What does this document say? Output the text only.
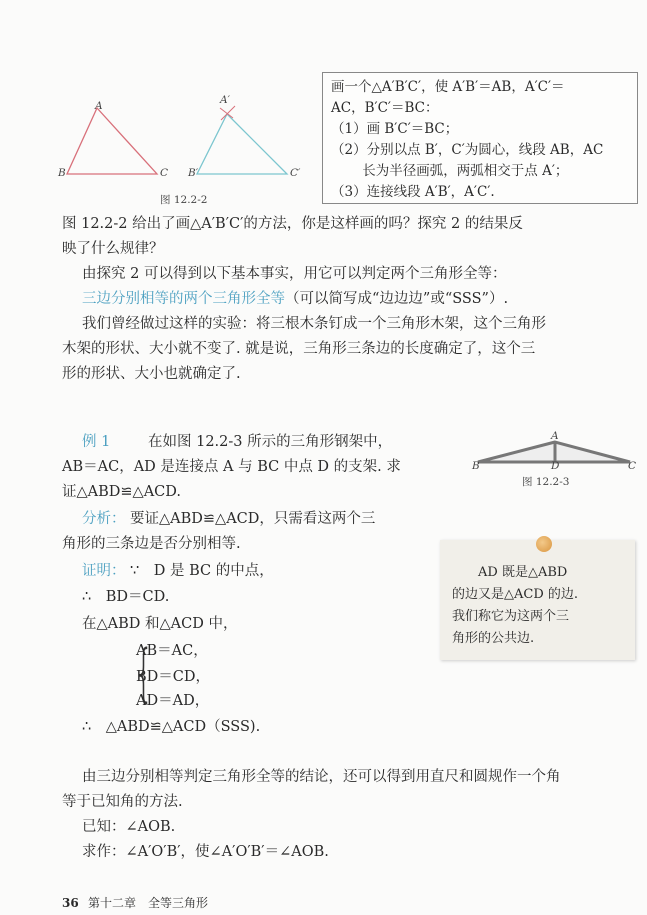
A
B	C
A′
B′	C′
图 12.2-2
画一个△A′B′C′，使 A′B′＝AB，A′C′＝
AC，B′C′＝BC：
（1）画 B′C′＝BC；
（2）分别以点 B′，C′为圆心，线段 AB，AC
　　 长为半径画弧，两弧相交于点 A′；
（3）连接线段 A′B′，A′C′.
图 12.2-2 给出了画△A′B′C′的方法，你是这样画的吗？探究 2 的结果反
映了什么规律？
由探究 2 可以得到以下基本事实，用它可以判定两个三角形全等：
三边分别相等的两个三角形全等（可以简写成“边边边”或“SSS”）.
我们曾经做过这样的实验：将三根木条钉成一个三角形木架，这个三角形
木架的形状、大小就不变了. 就是说，三角形三条边的长度确定了，这个三
形的形状、大小也就确定了.
例 1	在如图 12.2-3 所示的三角形钢架中，
AB＝AC，AD 是连接点 A 与 BC 中点 D 的支架. 求
证△ABD≌△ACD.
A
B	D	C
图 12.2-3
分析： 要证△ABD≌△ACD，只需看这两个三
角形的三条边是否分别相等.
证明： ∵　D 是 BC 的中点，
∴　BD＝CD.
在△ABD 和△ACD 中，
{
AB＝AC，
BD＝CD，
AD＝AD，
∴　△ABD≌△ACD（SSS).
　　AD 既是△ABD
的边又是△ACD 的边.
我们称它为这两个三
角形的公共边.
由三边分别相等判定三角形全等的结论，还可以得到用直尺和圆规作一个角
等于已知角的方法.
已知：∠AOB.
求作：∠A′O′B′，使∠A′O′B′＝∠AOB.
36 第十二章　全等三角形
